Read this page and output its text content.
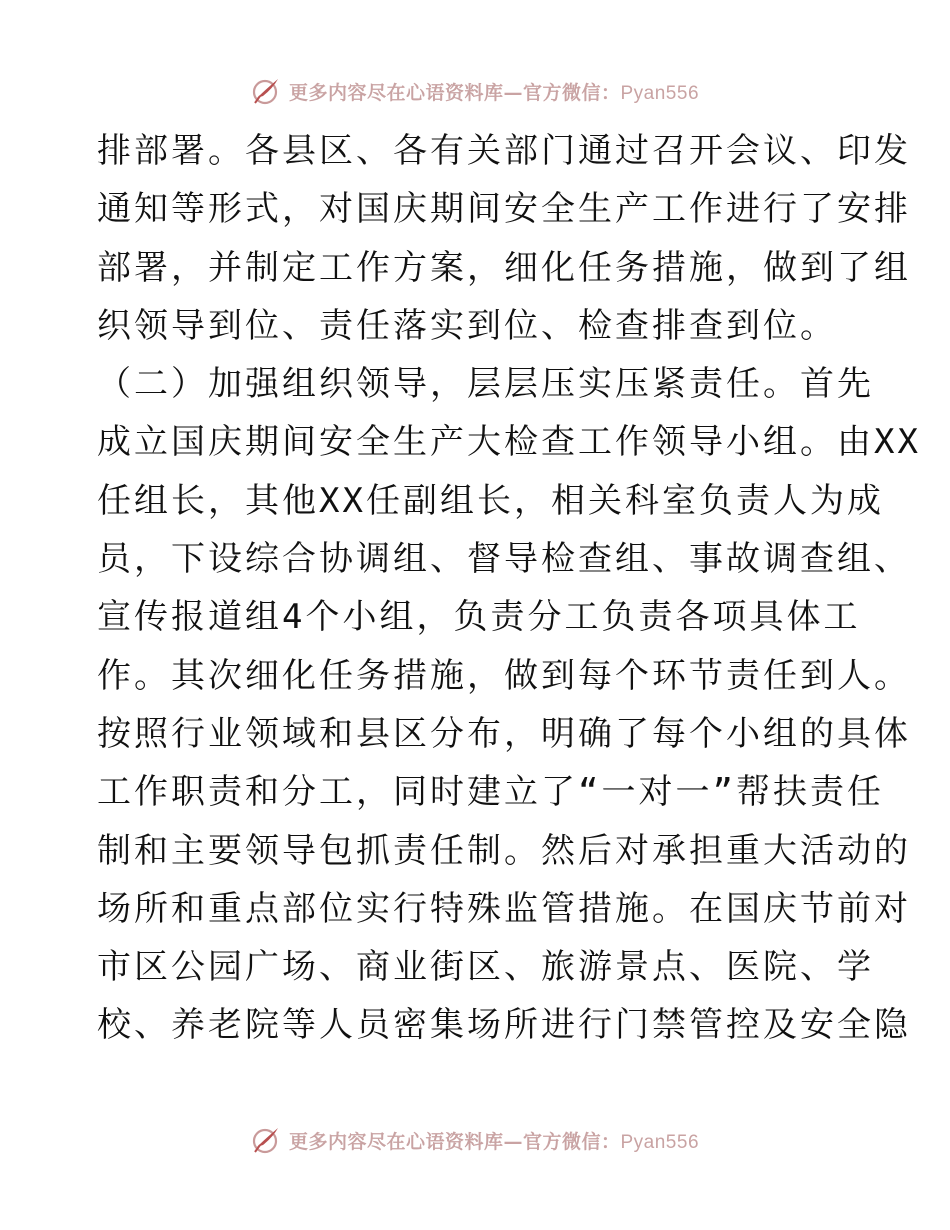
更多内容尽在心语资料库—官方微信：Pyan556
排部署。各县区、各有关部门通过召开会议、印发
通知等形式，对国庆期间安全生产工作进行了安排
部署，并制定工作方案，细化任务措施，做到了组
织领导到位、责任落实到位、检查排查到位。
（二）加强组织领导，层层压实压紧责任。首先
成立国庆期间安全生产大检查工作领导小组。由XX
任组长，其他XX任副组长，相关科室负责人为成
员，下设综合协调组、督导检查组、事故调查组、
宣传报道组4个小组，负责分工负责各项具体工
作。其次细化任务措施，做到每个环节责任到人。
按照行业领域和县区分布，明确了每个小组的具体
工作职责和分工，同时建立了“一对一”帮扶责任
制和主要领导包抓责任制。然后对承担重大活动的
场所和重点部位实行特殊监管措施。在国庆节前对
市区公园广场、商业街区、旅游景点、医院、学
校、养老院等人员密集场所进行门禁管控及安全隐
更多内容尽在心语资料库—官方微信：Pyan556
